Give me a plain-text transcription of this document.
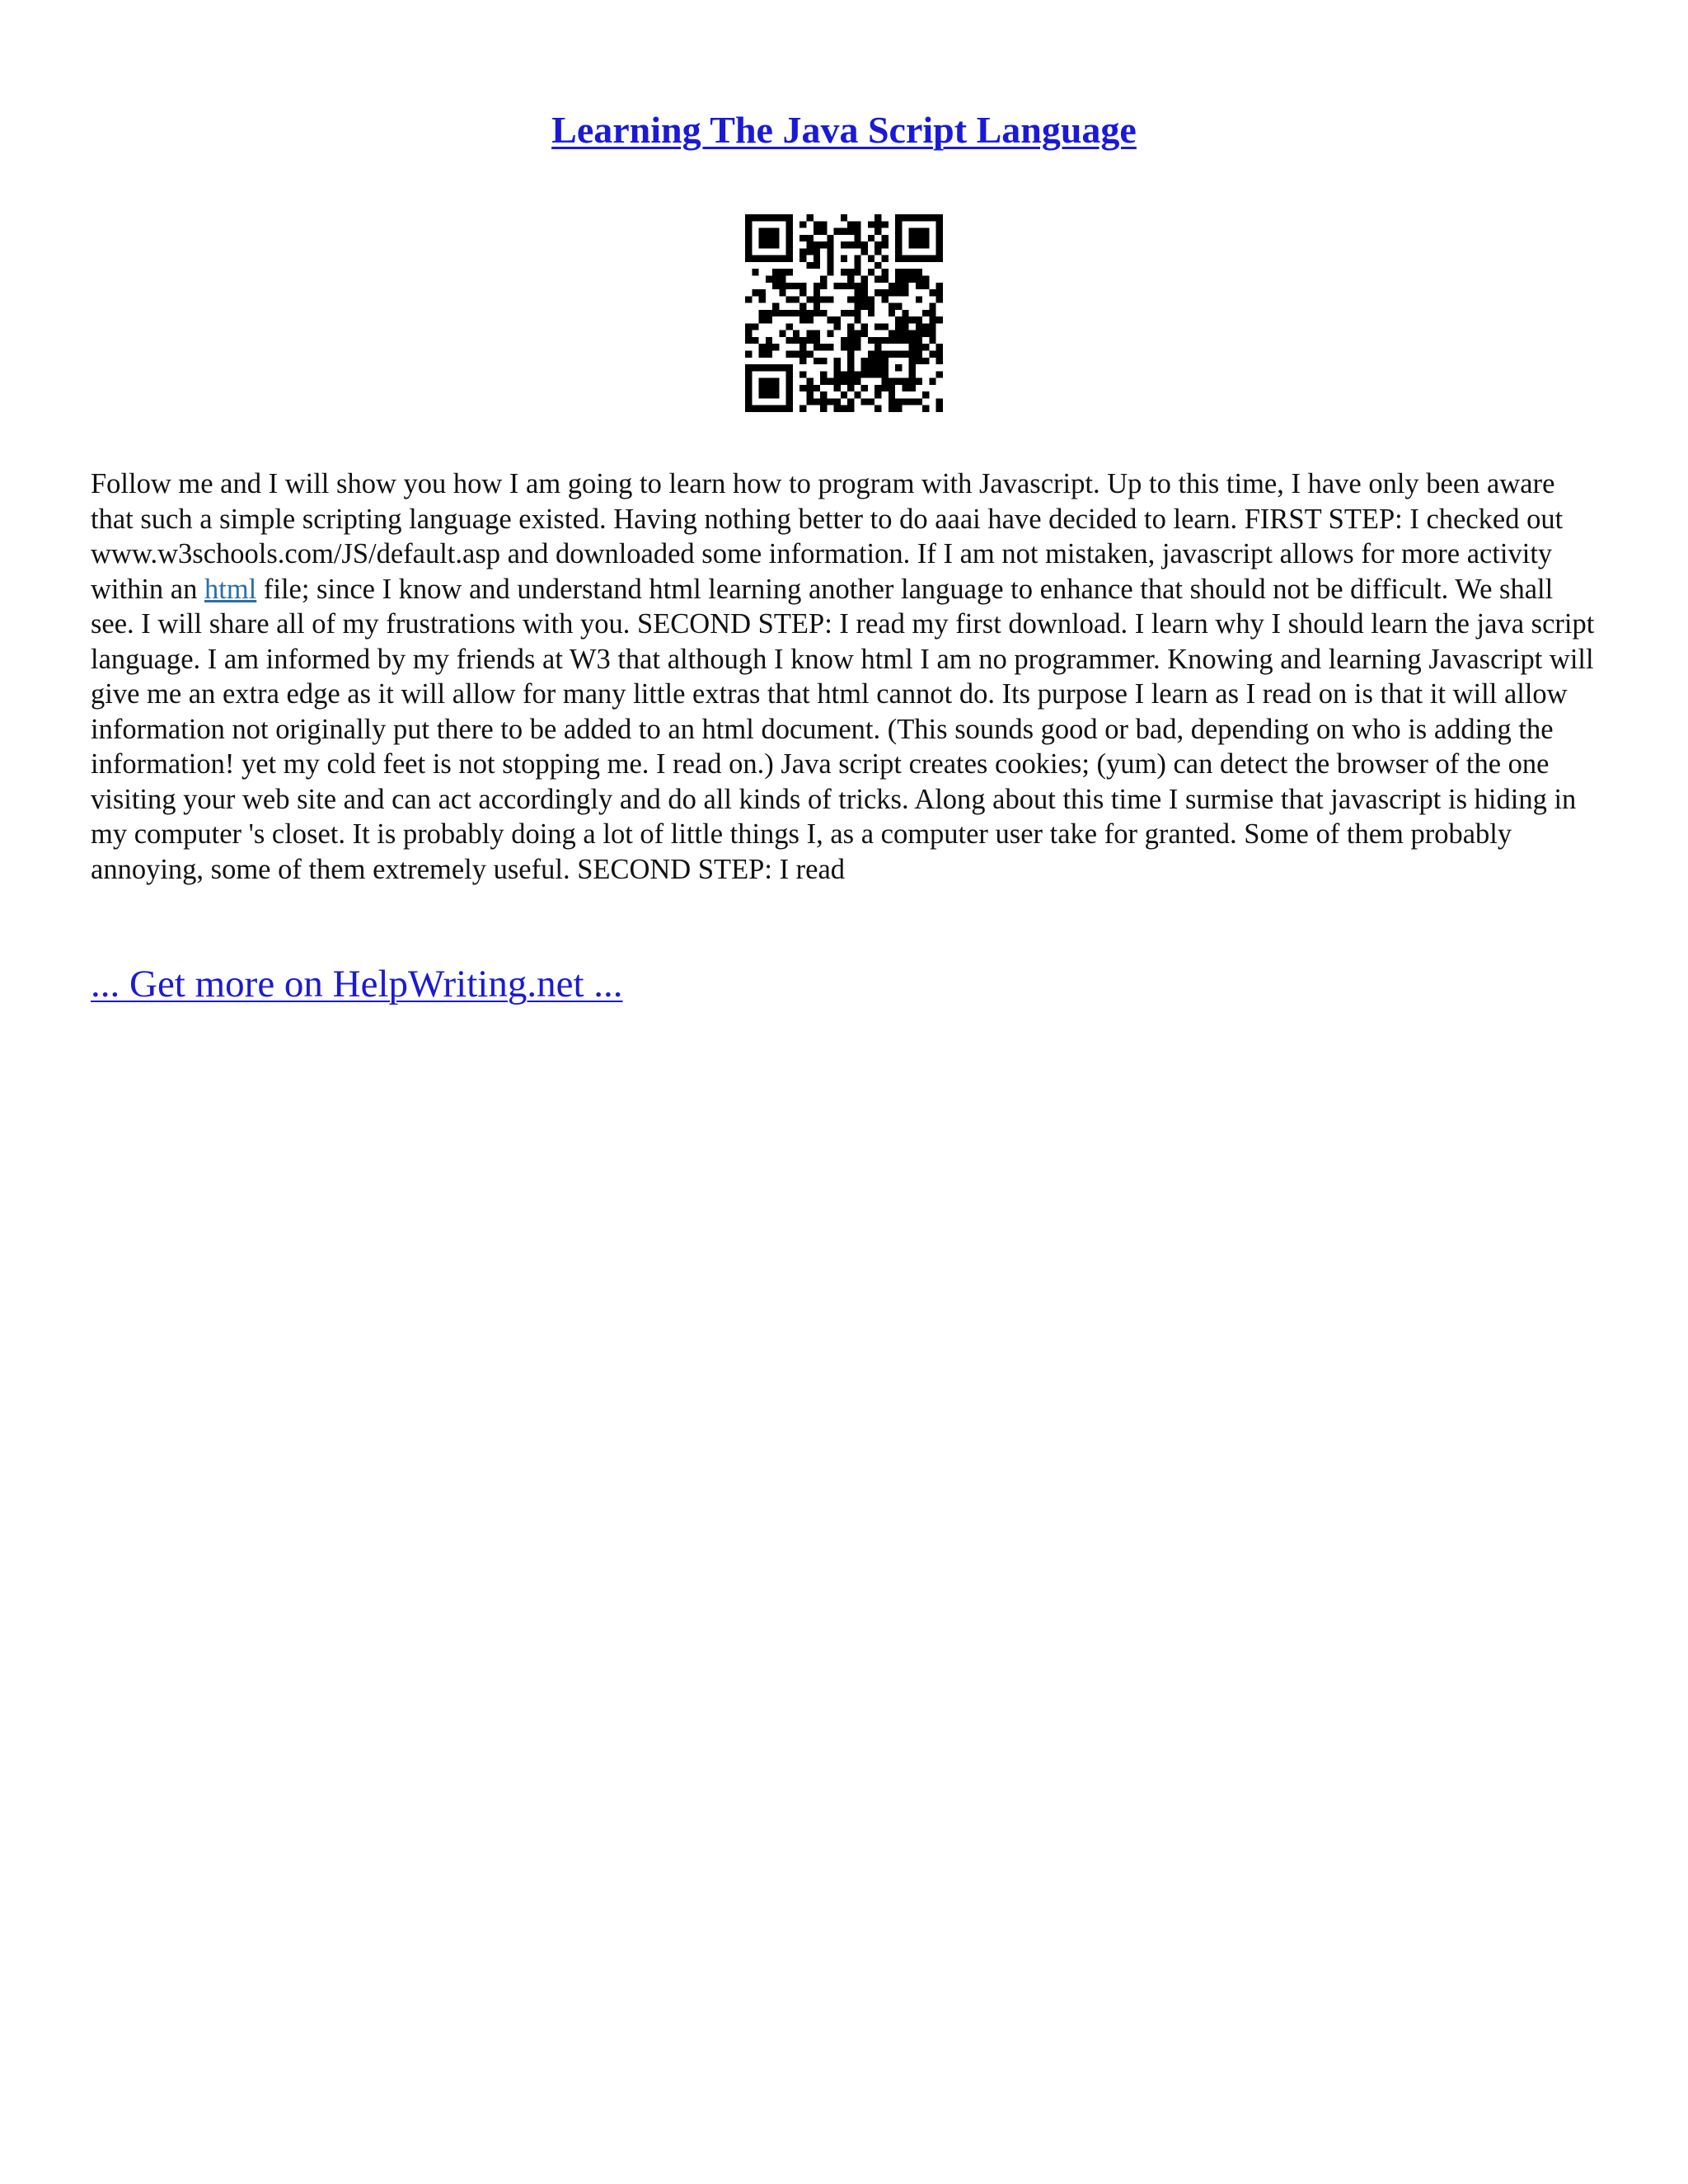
Learning The Java Script Language

Follow me and I will show you how I am going to learn how to program with Javascript. Up to this time, I have only been aware that such a simple scripting language existed. Having nothing better to do aaai have decided to learn. FIRST STEP: I checked out www.w3schools.com/JS/default.asp and downloaded some information. If I am not mistaken, javascript allows for more activity within an html file; since I know and understand html learning another language to enhance that should not be difficult. We shall see. I will share all of my frustrations with you. SECOND STEP: I read my first download. I learn why I should learn the java script language. I am informed by my friends at W3 that although I know html I am no programmer. Knowing and learning Javascript will give me an extra edge as it will allow for many little extras that html cannot do. Its purpose I learn as I read on is that it will allow information not originally put there to be added to an html document. (This sounds good or bad, depending on who is adding the information! yet my cold feet is not stopping me. I read on.) Java script creates cookies; (yum) can detect the browser of the one visiting your web site and can act accordingly and do all kinds of tricks. Along about this time I surmise that javascript is hiding in my computer 's closet. It is probably doing a lot of little things I, as a computer user take for granted. Some of them probably annoying, some of them extremely useful. SECOND STEP: I read

... Get more on HelpWriting.net ...
